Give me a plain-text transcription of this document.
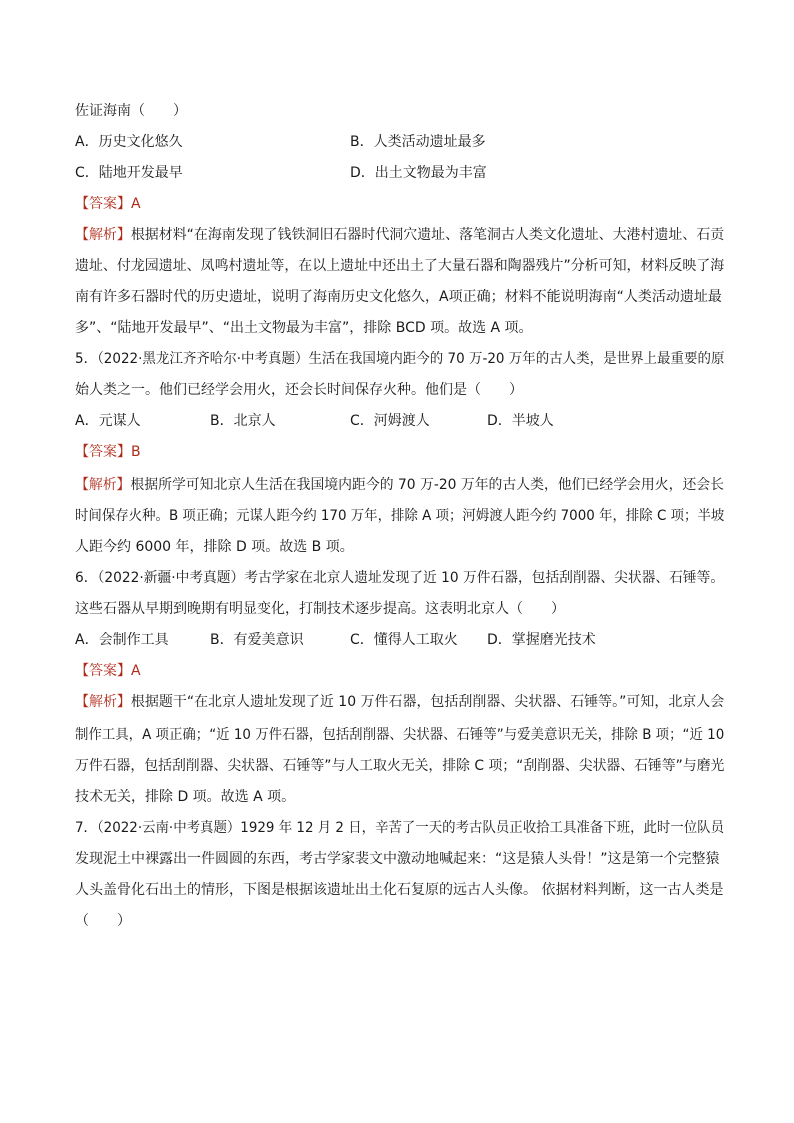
佐证海南（　　）
A．历史文化悠久	B．人类活动遗址最多
C．陆地开发最早	D．出土文物最为丰富
【答案】A
【解析】根据材料“在海南发现了钱铁洞旧石器时代洞穴遗址、落笔洞古人类文化遗址、大港村遗址、石贡
遗址、付龙园遗址、凤鸣村遗址等，在以上遗址中还出土了大量石器和陶器残片”分析可知，材料反映了海
南有许多石器时代的历史遗址，说明了海南历史文化悠久，A项正确；材料不能说明海南“人类活动遗址最
多”、“陆地开发最早”、“出土文物最为丰富”，排除 BCD 项。故选 A 项。
5．（2022·黑龙江齐齐哈尔·中考真题）生活在我国境内距今的 70 万-20 万年的古人类，是世界上最重要的原
始人类之一。他们已经学会用火，还会长时间保存火种。他们是（　　）
A．元谋人	B．北京人	C．河姆渡人	D．半坡人
【答案】B
【解析】根据所学可知北京人生活在我国境内距今的 70 万-20 万年的古人类，他们已经学会用火，还会长
时间保存火种。B 项正确；元谋人距今约 170 万年，排除 A 项；河姆渡人距今约 7000 年，排除 C 项；半坡
人距今约 6000 年，排除 D 项。故选 B 项。
6．（2022·新疆·中考真题）考古学家在北京人遗址发现了近 10 万件石器，包括刮削器、尖状器、石锤等。
这些石器从早期到晚期有明显变化，打制技术逐步提高。这表明北京人（　　）
A．会制作工具	B．有爱美意识	C．懂得人工取火 D．掌握磨光技术
【答案】A
【解析】根据题干“在北京人遗址发现了近 10 万件石器，包括刮削器、尖状器、石锤等。”可知，北京人会
制作工具，A 项正确；“近 10 万件石器，包括刮削器、尖状器、石锤等”与爱美意识无关，排除 B 项；“近 10
万件石器，包括刮削器、尖状器、石锤等”与人工取火无关，排除 C 项；“刮削器、尖状器、石锤等”与磨光
技术无关，排除 D 项。故选 A 项。
7．（2022·云南·中考真题）1929 年 12 月 2 日，辛苦了一天的考古队员正收拾工具准备下班，此时一位队员
发现泥土中裸露出一件圆圆的东西，考古学家裴文中激动地喊起来：“这是猿人头骨！”这是第一个完整猿
人头盖骨化石出土的情形，下图是根据该遗址出土化石复原的远古人头像。 依据材料判断，这一古人类是
（　　）
